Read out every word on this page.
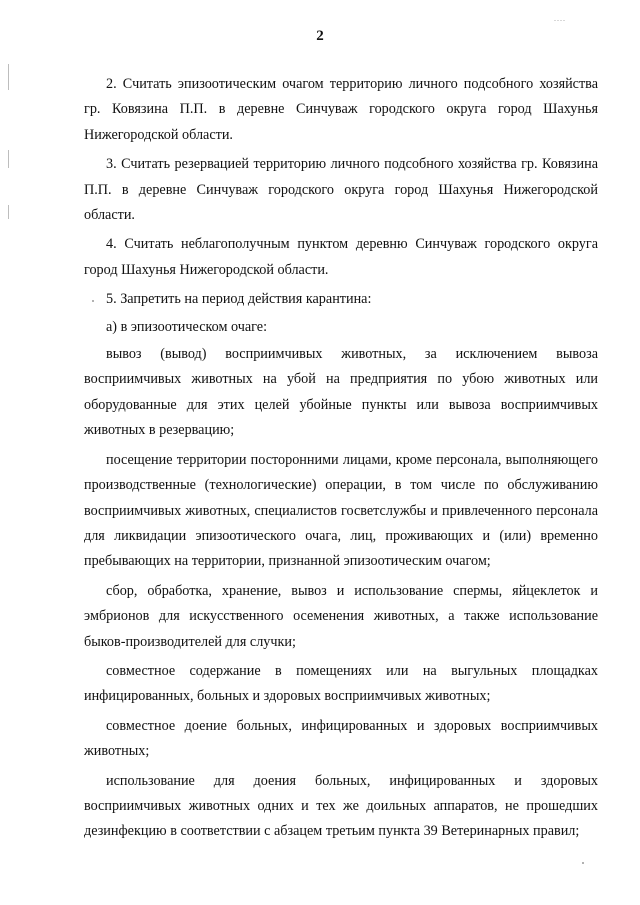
....
2

2. Считать эпизоотическим очагом территорию личного подсобного хозяйства гр. Ковязина П.П. в деревне Синчуваж городского округа город Шахунья Нижегородской области.

3. Считать резервацией территорию личного подсобного хозяйства гр. Ковязина П.П. в деревне Синчуваж городского округа город Шахунья Нижегородской области.

4. Считать неблагополучным пунктом деревню Синчуваж городского округа город Шахунья Нижегородской области.

5. Запретить на период действия карантина:

а) в эпизоотическом очаге:

вывоз (вывод) восприимчивых животных, за исключением вывоза восприимчивых животных на убой на предприятия по убою животных или оборудованные для этих целей убойные пункты или вывоза восприимчивых животных в резервацию;

посещение территории посторонними лицами, кроме персонала, выполняющего производственные (технологические) операции, в том числе по обслуживанию восприимчивых животных, специалистов госветслужбы и привлеченного персонала для ликвидации эпизоотического очага, лиц, проживающих и (или) временно пребывающих на территории, признанной эпизоотическим очагом;

сбор, обработка, хранение, вывоз и использование спермы, яйцеклеток и эмбрионов для искусственного осеменения животных, а также использование быков-производителей для случки;

совместное содержание в помещениях или на выгульных площадках инфицированных, больных и здоровых восприимчивых животных;

совместное доение больных, инфицированных и здоровых восприимчивых животных;

использование для доения больных, инфицированных и здоровых восприимчивых животных одних и тех же доильных аппаратов, не прошедших дезинфекцию в соответствии с абзацем третьим пункта 39 Ветеринарных правил;
